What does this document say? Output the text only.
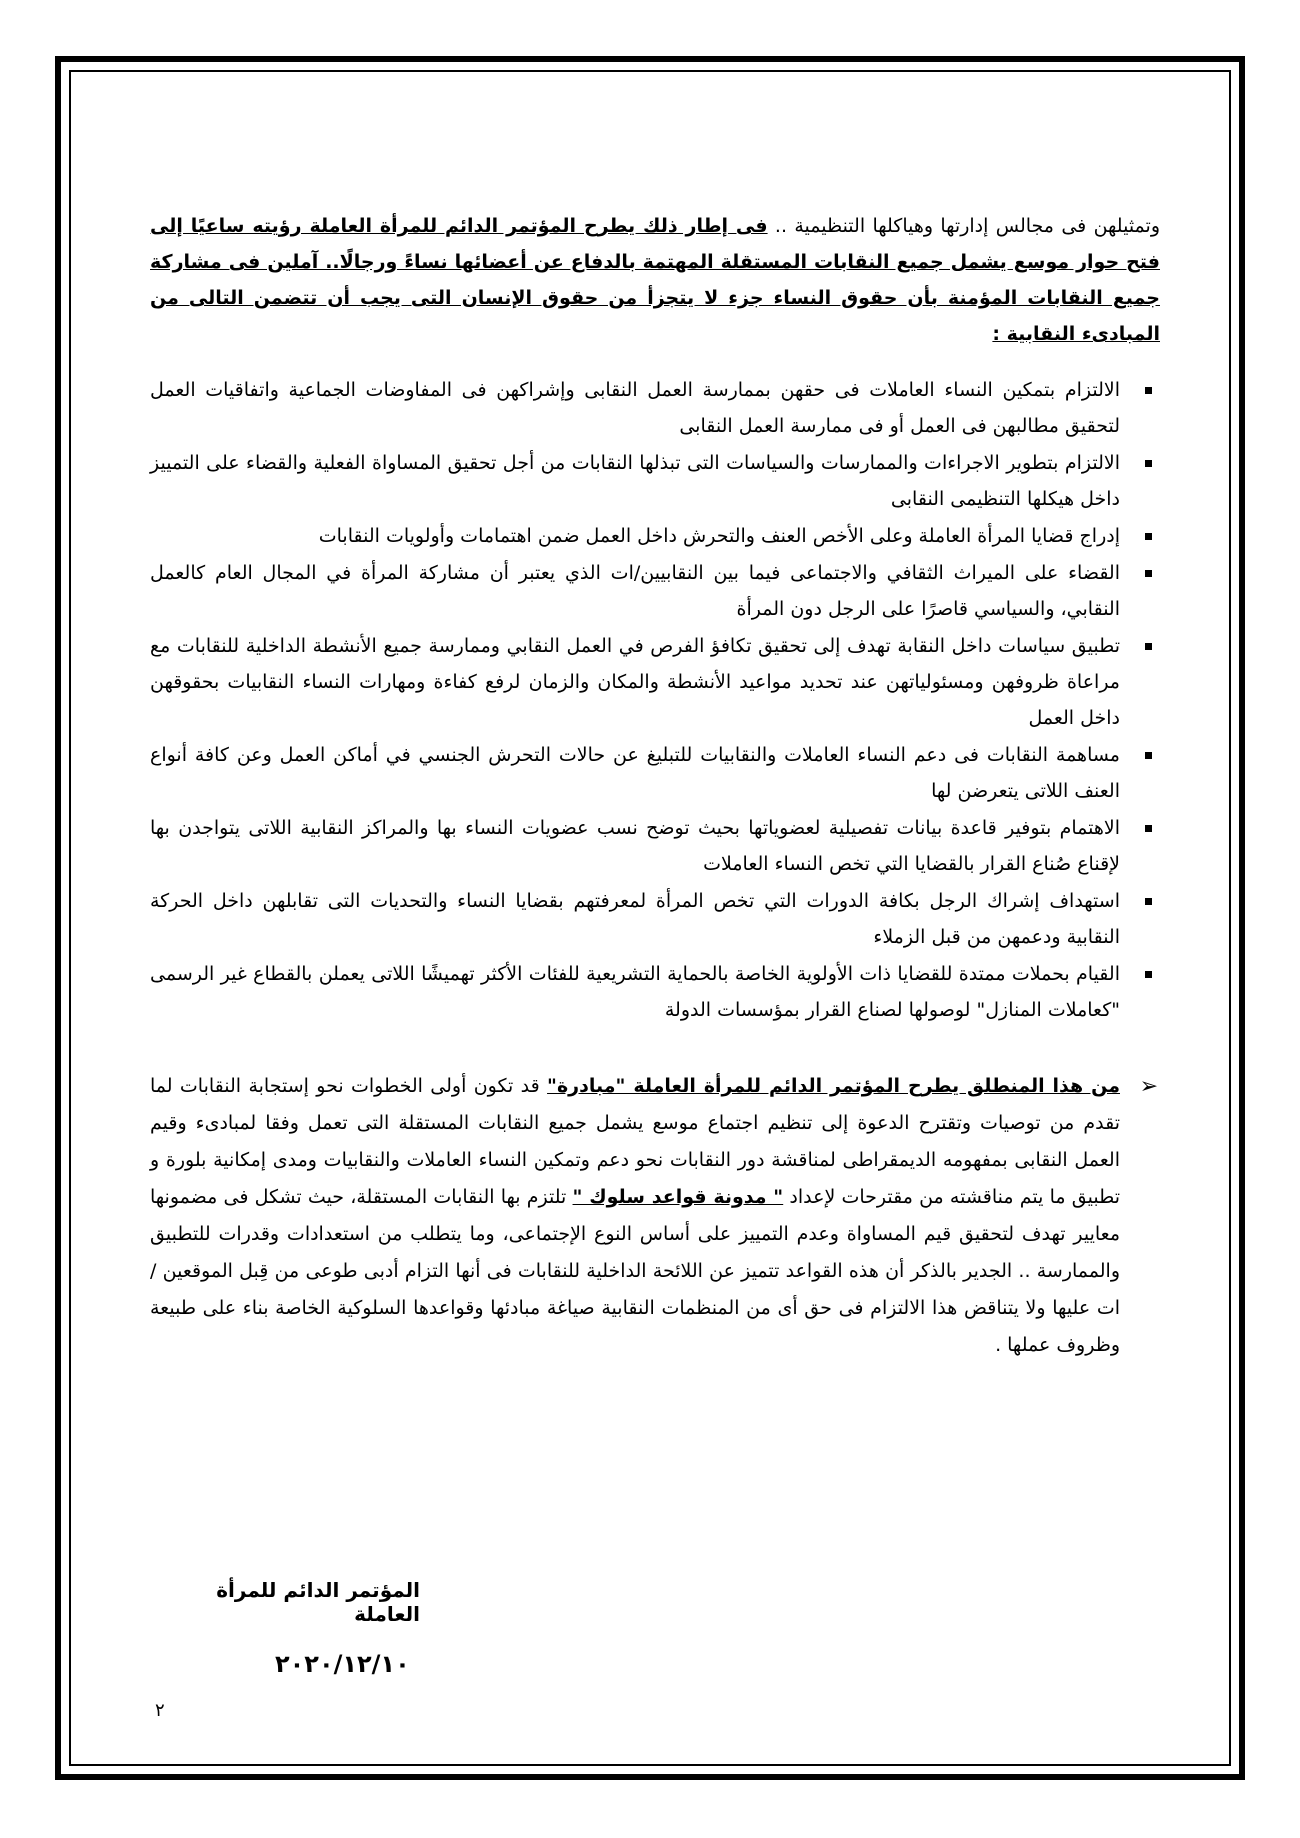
وتمثيلهن فى مجالس إدارتها وهياكلها التنظيمية .. فى إطار ذلك يطرح المؤتمر الدائم للمرأة العاملة رؤيته ساعيًا إلى فتح حوار موسع يشمل جميع النقابات المستقلة المهتمة بالدفاع عن أعضائها نساءً ورجالًا.. آملين فى مشاركة جميع النقابات المؤمنة بأن حقوق النساء جزء لا يتجزأ من حقوق الإنسان التى يجب أن تتضمن التالى من المبادىء النقابية :

الالتزام بتمكين النساء العاملات فى حقهن بممارسة العمل النقابى وإشراكهن فى المفاوضات الجماعية واتفاقيات العمل لتحقيق مطالبهن فى العمل أو فى ممارسة العمل النقابى
الالتزام بتطوير الاجراءات والممارسات والسياسات التى تبذلها النقابات من أجل تحقيق المساواة الفعلية والقضاء على التمييز داخل هيكلها التنظيمى النقابى
إدراج قضايا المرأة العاملة وعلى الأخص العنف والتحرش داخل العمل ضمن اهتمامات وأولويات النقابات
القضاء على الميراث الثقافي والاجتماعى فيما بين النقابيين/ات الذي يعتبر أن مشاركة المرأة في المجال العام كالعمل النقابي، والسياسي قاصرًا على الرجل دون المرأة
تطبيق سياسات داخل النقابة تهدف إلى تحقيق تكافؤ الفرص في العمل النقابي وممارسة جميع الأنشطة الداخلية للنقابات مع مراعاة ظروفهن ومسئولياتهن عند تحديد مواعيد الأنشطة والمكان والزمان لرفع كفاءة ومهارات النساء النقابيات بحقوقهن داخل العمل
مساهمة النقابات فى دعم النساء العاملات والنقابيات للتبليغ عن حالات التحرش الجنسي في أماكن العمل وعن كافة أنواع العنف اللاتى يتعرضن لها
الاهتمام بتوفير قاعدة بيانات تفصيلية لعضوياتها بحيث توضح نسب عضويات النساء بها والمراكز النقابية اللاتى يتواجدن بها لإقناع صُناع القرار بالقضايا التي تخص النساء العاملات
استهداف إشراك الرجل بكافة الدورات التي تخص المرأة لمعرفتهم بقضايا النساء والتحديات التى تقابلهن داخل الحركة النقابية ودعمهن من قبل الزملاء
القيام بحملات ممتدة للقضايا ذات الأولوية الخاصة بالحماية التشريعية للفئات الأكثر تهميشًا اللاتى يعملن بالقطاع غير الرسمى "كعاملات المنازل" لوصولها لصناع القرار بمؤسسات الدولة
➢
من هذا المنطلق يطرح المؤتمر الدائم للمرأة العاملة "مبادرة" قد تكون أولى الخطوات نحو إستجابة النقابات لما تقدم من توصيات وتقترح الدعوة إلى تنظيم اجتماع موسع يشمل جميع النقابات المستقلة التى تعمل وفقا لمبادىء وقيم العمل النقابى بمفهومه الديمقراطى لمناقشة دور النقابات نحو دعم وتمكين النساء العاملات والنقابيات ومدى إمكانية بلورة و تطبيق ما يتم مناقشته من مقترحات لإعداد " مدونة قواعد سلوك " تلتزم بها النقابات المستقلة، حيث تشكل فى مضمونها معايير تهدف لتحقيق قيم المساواة وعدم التمييز على أساس النوع الإجتماعى، وما يتطلب من استعدادات وقدرات للتطبيق والممارسة .. الجدير بالذكر أن هذه القواعد تتميز عن اللائحة الداخلية للنقابات فى أنها التزام أدبى طوعى من قِبل الموقعين /ات عليها ولا يتناقض هذا الالتزام فى حق أى من المنظمات النقابية صياغة مبادئها وقواعدها السلوكية الخاصة بناء على طبيعة وظروف عملها .
المؤتمر الدائم للمرأة العاملة
٢٠٢٠/١٢/١٠
٢
